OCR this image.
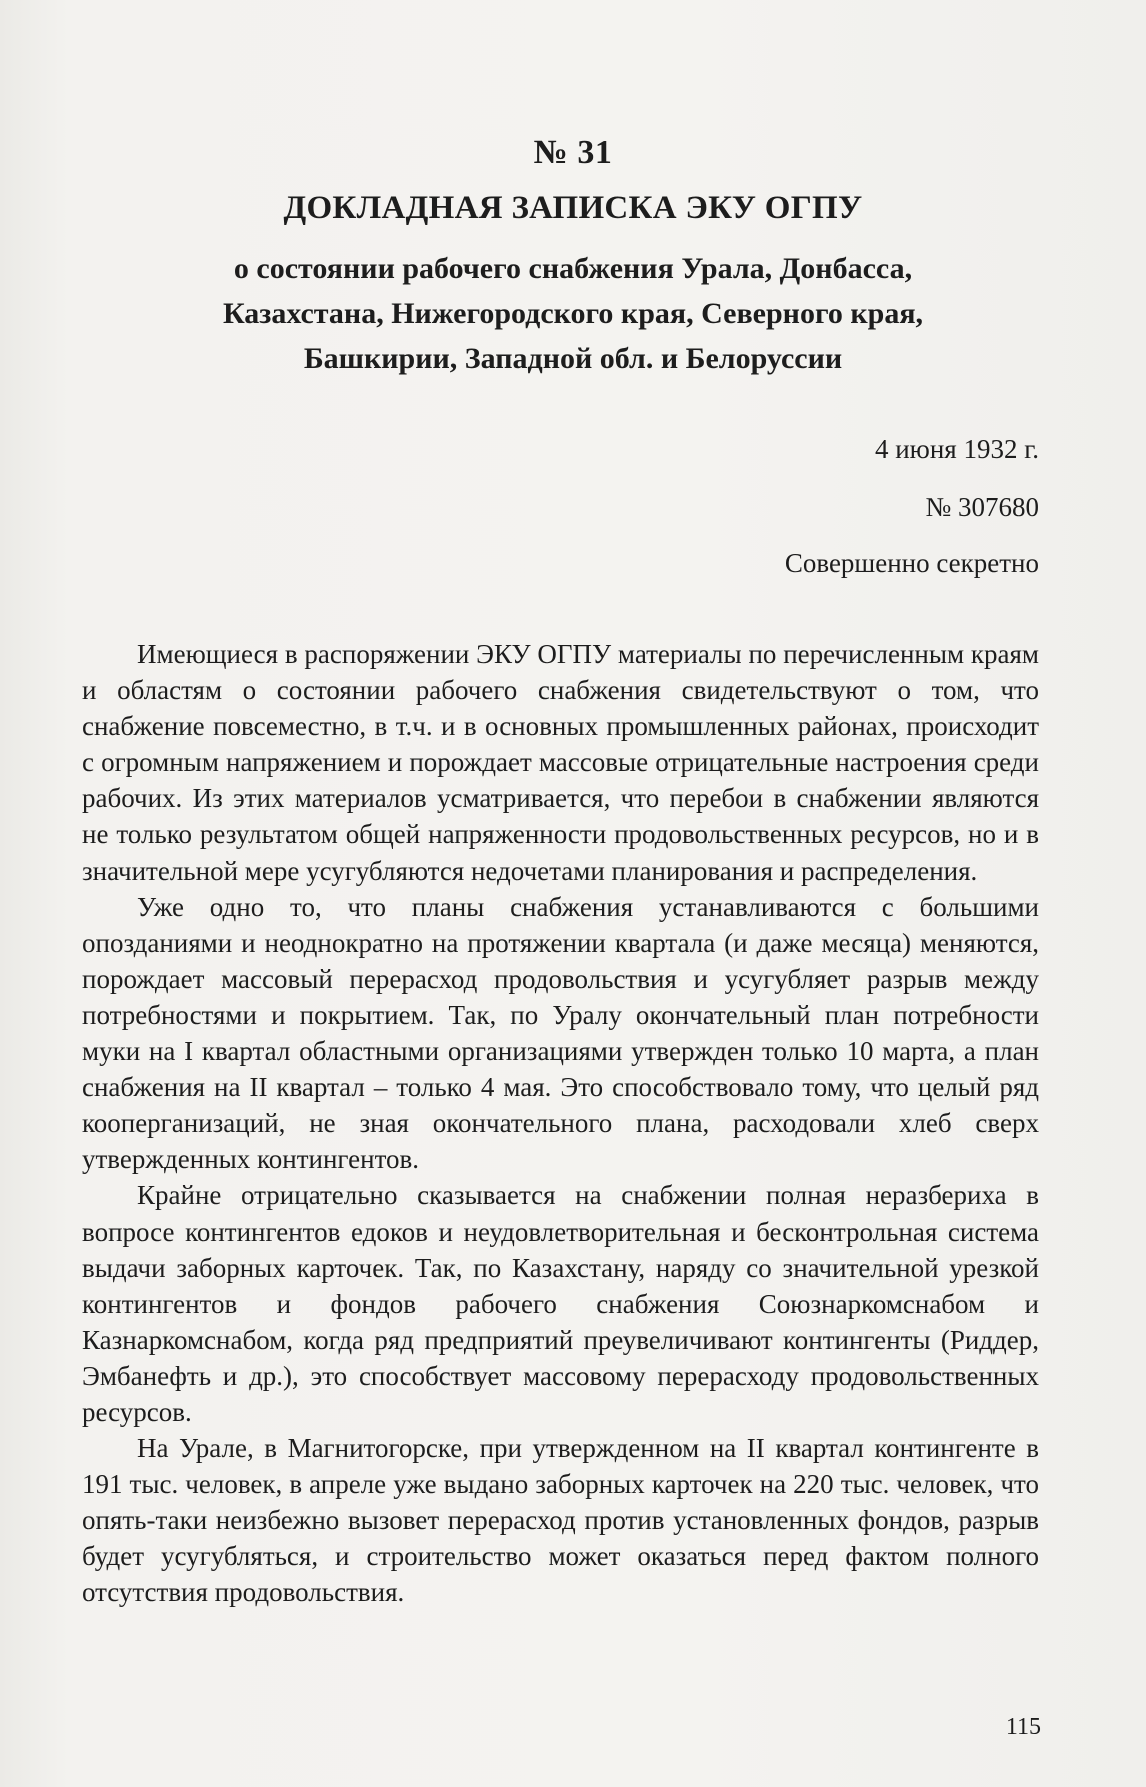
№ 31
ДОКЛАДНАЯ ЗАПИСКА ЭКУ ОГПУ
о состоянии рабочего снабжения Урала, Донбасса,
Казахстана, Нижегородского края, Северного края,
Башкирии, Западной обл. и Белоруссии
4 июня 1932 г.
№ 307680
Совершенно секретно

Имеющиеся в распоряжении ЭКУ ОГПУ материалы по перечисленным краям и областям о состоянии рабочего снабжения свидетельствуют о том, что снабжение повсеместно, в т.ч. и в основных промышленных районах, происходит с огромным напряжением и порождает массовые отрицательные настроения среди рабочих. Из этих материалов усматривается, что перебои в снабжении являются не только результатом общей напряженности продовольственных ресурсов, но и в значительной мере усугубляются недочетами планирования и распределения.

Уже одно то, что планы снабжения устанавливаются с большими опозданиями и неоднократно на протяжении квартала (и даже месяца) меняются, порождает массовый перерасход продовольствия и усугубляет разрыв между потребностями и покрытием. Так, по Уралу окончательный план потребности муки на I квартал областными организациями утвержден только 10 марта, а план снабжения на II квартал – только 4 мая. Это способствовало тому, что целый ряд кооперганизаций, не зная окончательного плана, расходовали хлеб сверх утвержденных контингентов.

Крайне отрицательно сказывается на снабжении полная неразбериха в вопросе контингентов едоков и неудовлетворительная и бесконтрольная система выдачи заборных карточек. Так, по Казахстану, наряду со значительной урезкой контингентов и фондов рабочего снабжения Союзнаркомснабом и Казнаркомснабом, когда ряд предприятий преувеличивают контингенты (Риддер, Эмбанефть и др.), это способствует массовому перерасходу продовольственных ресурсов.

На Урале, в Магнитогорске, при утвержденном на II квартал контингенте в 191 тыс. человек, в апреле уже выдано заборных карточек на 220 тыс. человек, что опять-таки неизбежно вызовет перерасход против установленных фондов, разрыв будет усугубляться, и строительство может оказаться перед фактом полного отсутствия продовольствия.

115
